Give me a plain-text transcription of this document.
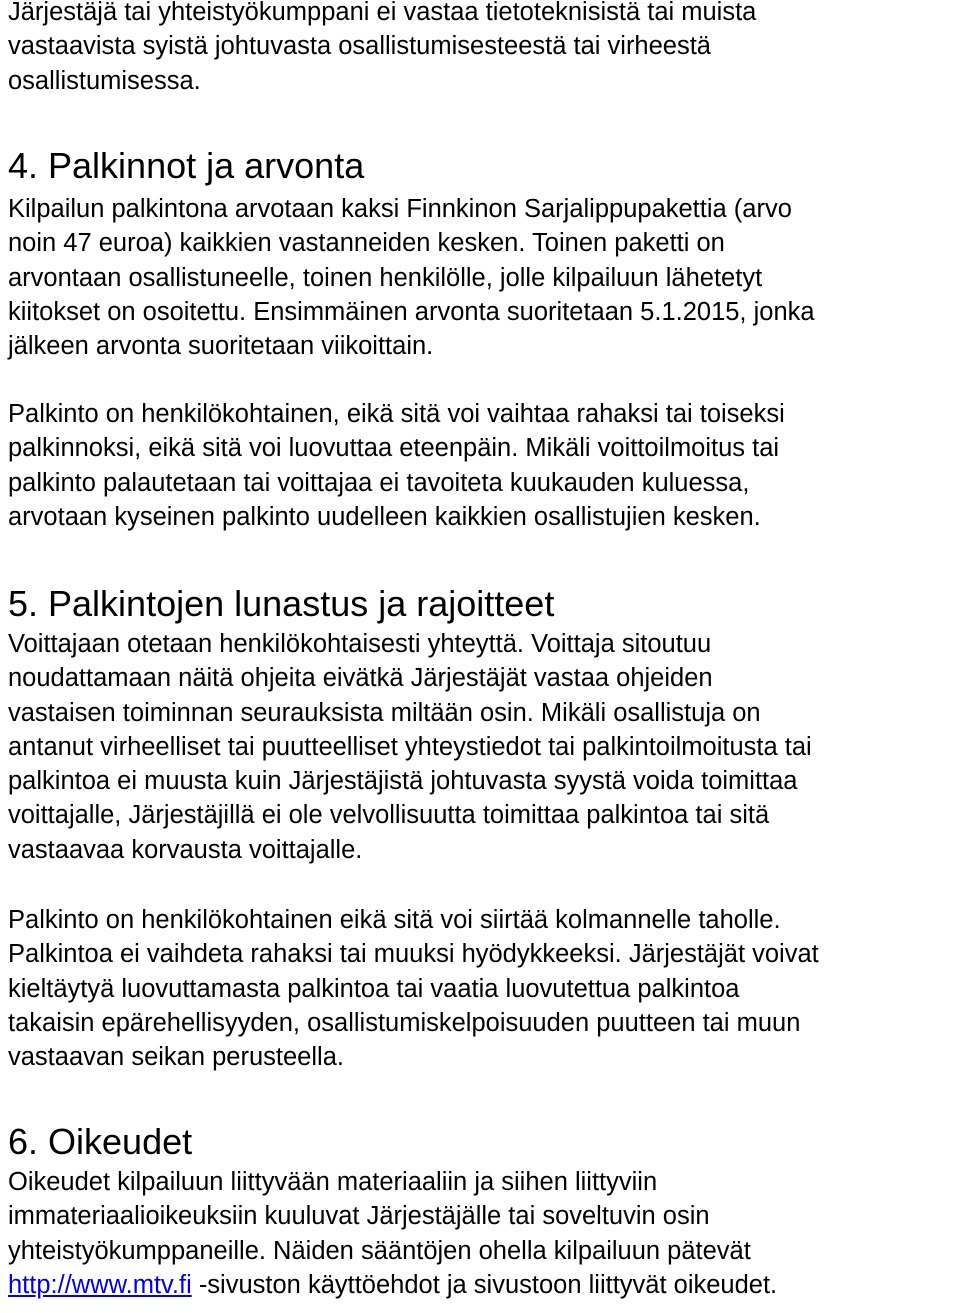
Järjestäjä tai yhteistyökumppani ei vastaa tietoteknisistä tai muista
vastaavista syistä johtuvasta osallistumisesteestä tai virheestä
osallistumisessa.

4. Palkinnot ja arvonta

Kilpailun palkintona arvotaan kaksi Finnkinon Sarjalippupakettia (arvo
noin 47 euroa) kaikkien vastanneiden kesken. Toinen paketti on
arvontaan osallistuneelle, toinen henkilölle, jolle kilpailuun lähetetyt
kiitokset on osoitettu. Ensimmäinen arvonta suoritetaan 5.1.2015, jonka
jälkeen arvonta suoritetaan viikoittain.

Palkinto on henkilökohtainen, eikä sitä voi vaihtaa rahaksi tai toiseksi
palkinnoksi, eikä sitä voi luovuttaa eteenpäin. Mikäli voittoilmoitus tai
palkinto palautetaan tai voittajaa ei tavoiteta kuukauden kuluessa,
arvotaan kyseinen palkinto uudelleen kaikkien osallistujien kesken.

5. Palkintojen lunastus ja rajoitteet

Voittajaan otetaan henkilökohtaisesti yhteyttä. Voittaja sitoutuu
noudattamaan näitä ohjeita eivätkä Järjestäjät vastaa ohjeiden
vastaisen toiminnan seurauksista miltään osin. Mikäli osallistuja on
antanut virheelliset tai puutteelliset yhteystiedot tai palkintoilmoitusta tai
palkintoa ei muusta kuin Järjestäjistä johtuvasta syystä voida toimittaa
voittajalle, Järjestäjillä ei ole velvollisuutta toimittaa palkintoa tai sitä
vastaavaa korvausta voittajalle.

Palkinto on henkilökohtainen eikä sitä voi siirtää kolmannelle taholle.
Palkintoa ei vaihdeta rahaksi tai muuksi hyödykkeeksi. Järjestäjät voivat
kieltäytyä luovuttamasta palkintoa tai vaatia luovutettua palkintoa
takaisin epärehellisyyden, osallistumiskelpoisuuden puutteen tai muun
vastaavan seikan perusteella.

6. Oikeudet

Oikeudet kilpailuun liittyvään materiaaliin ja siihen liittyviin
immateriaalioikeuksiin kuuluvat Järjestäjälle tai soveltuvin osin
yhteistyökumppaneille. Näiden sääntöjen ohella kilpailuun pätevät
http://www.mtv.fi -sivuston käyttöehdot ja sivustoon liittyvät oikeudet.
